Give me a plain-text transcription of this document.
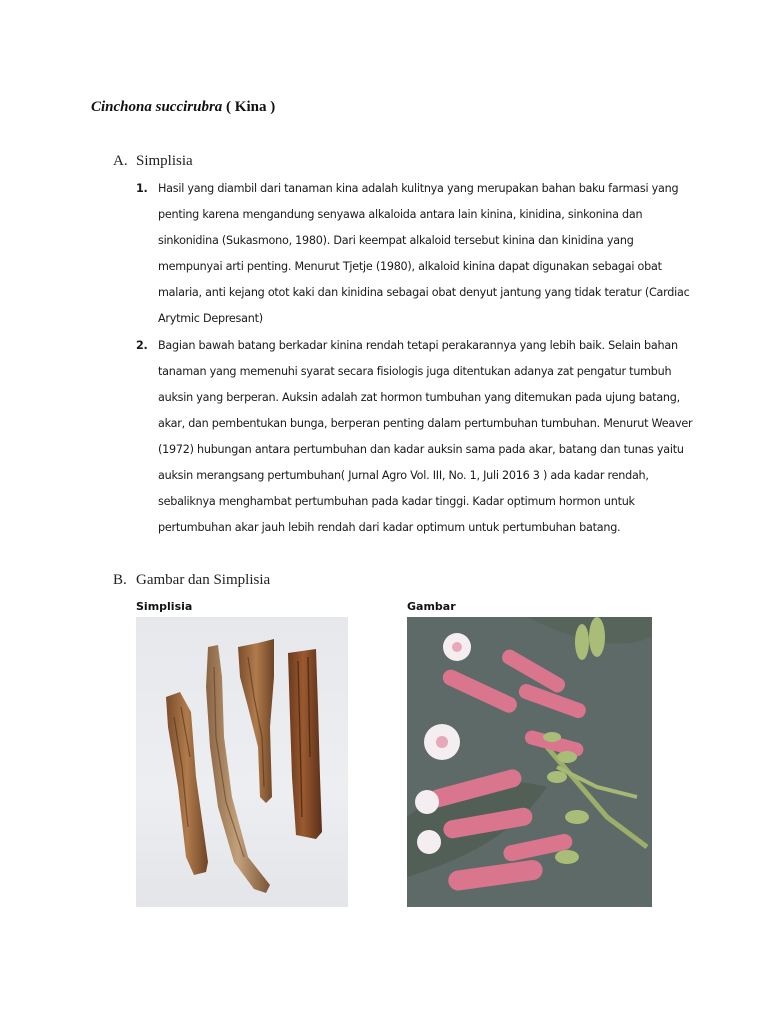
Cinchona succirubra ( Kina )
A. Simplisia
1. Hasil yang diambil dari tanaman kina adalah kulitnya yang merupakan bahan baku farmasi yang penting karena mengandung senyawa alkaloida antara lain kinina, kinidina, sinkonina dan sinkonidina (Sukasmono, 1980). Dari keempat alkaloid tersebut kinina dan kinidina yang mempunyai arti penting. Menurut Tjetje (1980), alkaloid kinina dapat digunakan sebagai obat malaria, anti kejang otot kaki dan kinidina sebagai obat denyut jantung yang tidak teratur (Cardiac Arytmic Depresant)
2. Bagian bawah batang berkadar kinina rendah tetapi perakarannya yang lebih baik. Selain bahan tanaman yang memenuhi syarat secara fisiologis juga ditentukan adanya zat pengatur tumbuh auksin yang berperan. Auksin adalah zat hormon tumbuhan yang ditemukan pada ujung batang, akar, dan pembentukan bunga, berperan penting dalam pertumbuhan tumbuhan. Menurut Weaver (1972) hubungan antara pertumbuhan dan kadar auksin sama pada akar, batang dan tunas yaitu auksin merangsang pertumbuhan( Jurnal Agro Vol. III, No. 1, Juli 2016 3 ) ada kadar rendah, sebaliknya menghambat pertumbuhan pada kadar tinggi. Kadar optimum hormon untuk pertumbuhan akar jauh lebih rendah dari kadar optimum untuk pertumbuhan batang.
B. Gambar dan Simplisia
Simplisia	Gambar
